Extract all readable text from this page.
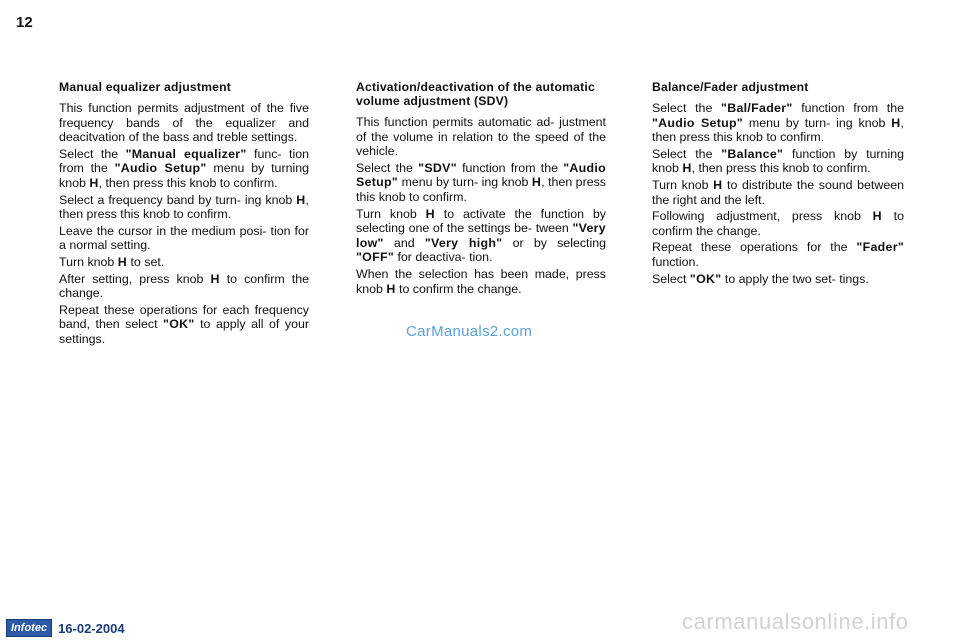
12
Manual equalizer adjustment
This function permits adjustment of the five frequency bands of the equalizer and deacitvation of the bass and treble settings.
Select the "Manual equalizer" func- tion from the "Audio Setup" menu by turning knob H, then press this knob to confirm.
Select a frequency band by turn- ing knob H, then press this knob to confirm.
Leave the cursor in the medium posi- tion for a normal setting.
Turn knob H to set.
After setting, press knob H to confirm the change.
Repeat these operations for each frequency band, then select "OK" to apply all of your settings.
Activation/deactivation of the automatic volume adjustment (SDV)
This function permits automatic ad- justment of the volume in relation to the speed of the vehicle.
Select the "SDV" function from the "Audio Setup" menu by turn- ing knob H, then press this knob to confirm.
Turn knob H to activate the function by selecting one of the settings be- tween "Very low" and "Very high" or by selecting "OFF" for deactiva- tion.
When the selection has been made, press knob H to confirm the change.
Balance/Fader adjustment
Select the "Bal/Fader" function from the "Audio Setup" menu by turn- ing knob H, then press this knob to confirm.
Select the "Balance" function by turning knob H, then press this knob to confirm.
Turn knob H to distribute the sound between the right and the left.
Following adjustment, press knob H to confirm the change.
Repeat these operations for the "Fader" function.
Select "OK" to apply the two set- tings.
CarManuals2.com
Infotec 16-02-2004	carmanualsonline.info
